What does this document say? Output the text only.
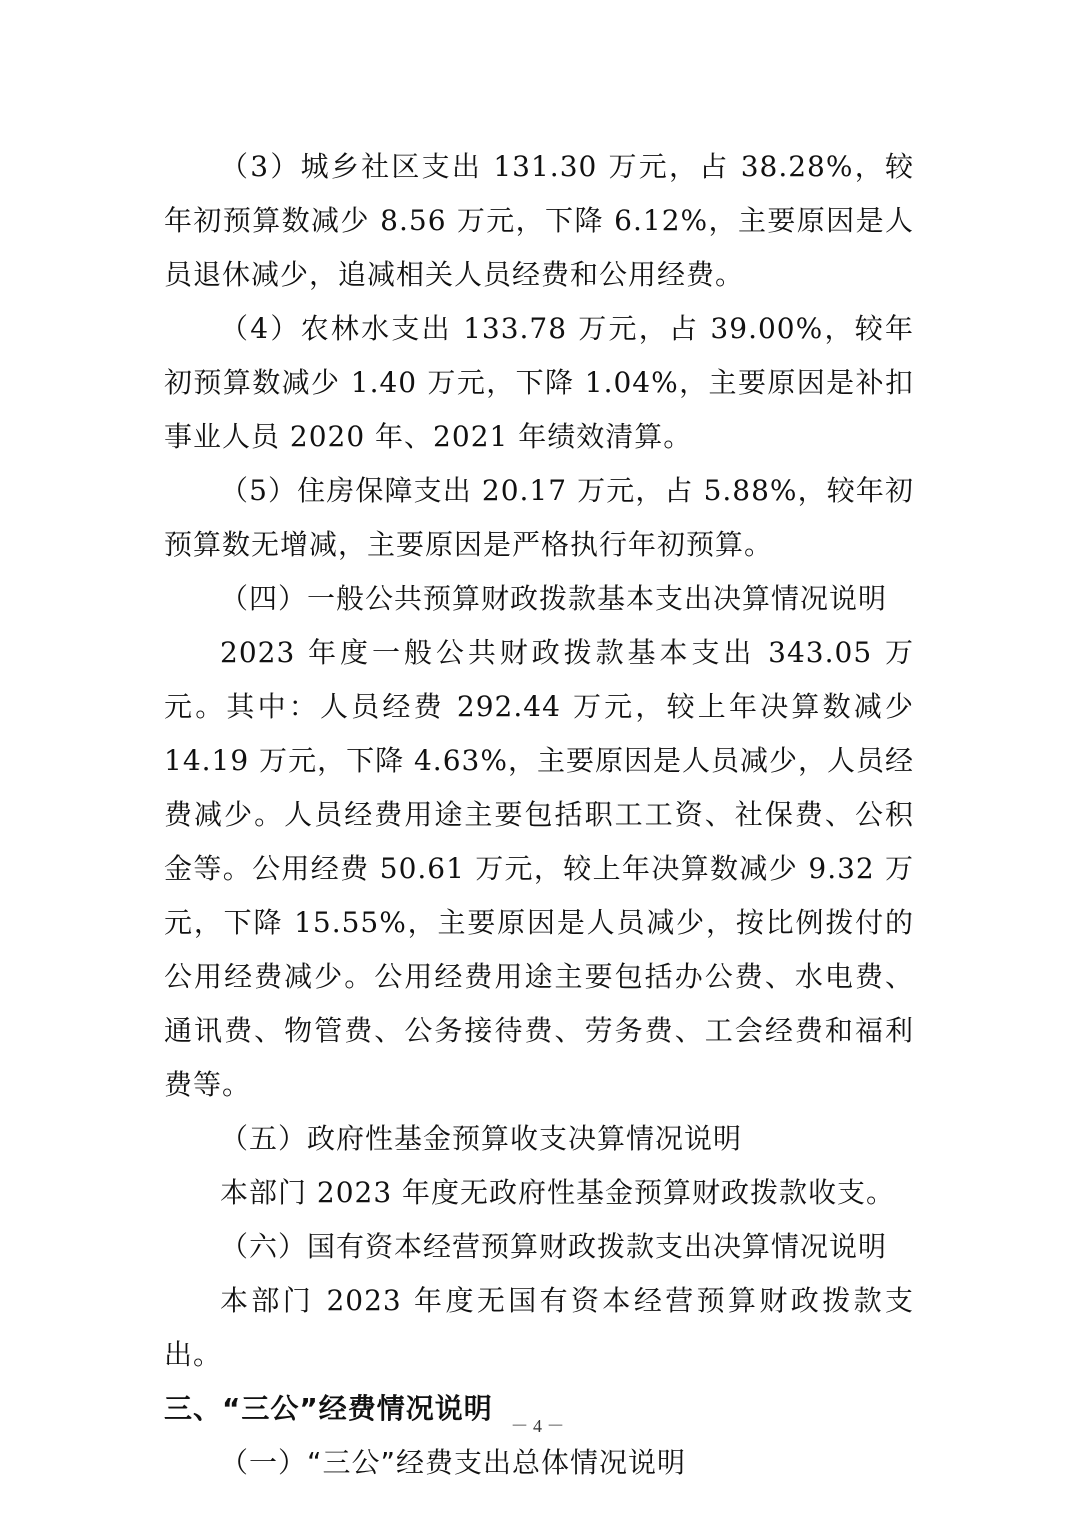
（3）城乡社区支出 131.30 万元，占 38.28%，较年初预算数减少 8.56 万元，下降 6.12%，主要原因是人员退休减少，追减相关人员经费和公用经费。

（4）农林水支出 133.78 万元，占 39.00%，较年初预算数减少 1.40 万元，下降 1.04%，主要原因是补扣事业人员 2020 年、2021 年绩效清算。

（5）住房保障支出 20.17 万元，占 5.88%，较年初预算数无增减，主要原因是严格执行年初预算。

（四）一般公共预算财政拨款基本支出决算情况说明

2023 年度一般公共财政拨款基本支出 343.05 万元。其中：人员经费 292.44 万元，较上年决算数减少 14.19 万元，下降 4.63%，主要原因是人员减少，人员经费减少。人员经费用途主要包括职工工资、社保费、公积金等。公用经费 50.61 万元，较上年决算数减少 9.32 万元，下降 15.55%，主要原因是人员减少，按比例拨付的公用经费减少。公用经费用途主要包括办公费、水电费、通讯费、物管费、公务接待费、劳务费、工会经费和福利费等。

（五）政府性基金预算收支决算情况说明

本部门 2023 年度无政府性基金预算财政拨款收支。

（六）国有资本经营预算财政拨款支出决算情况说明

本部门 2023 年度无国有资本经营预算财政拨款支出。

三、“三公”经费情况说明

（一）“三公”经费支出总体情况说明

－ 4 －
